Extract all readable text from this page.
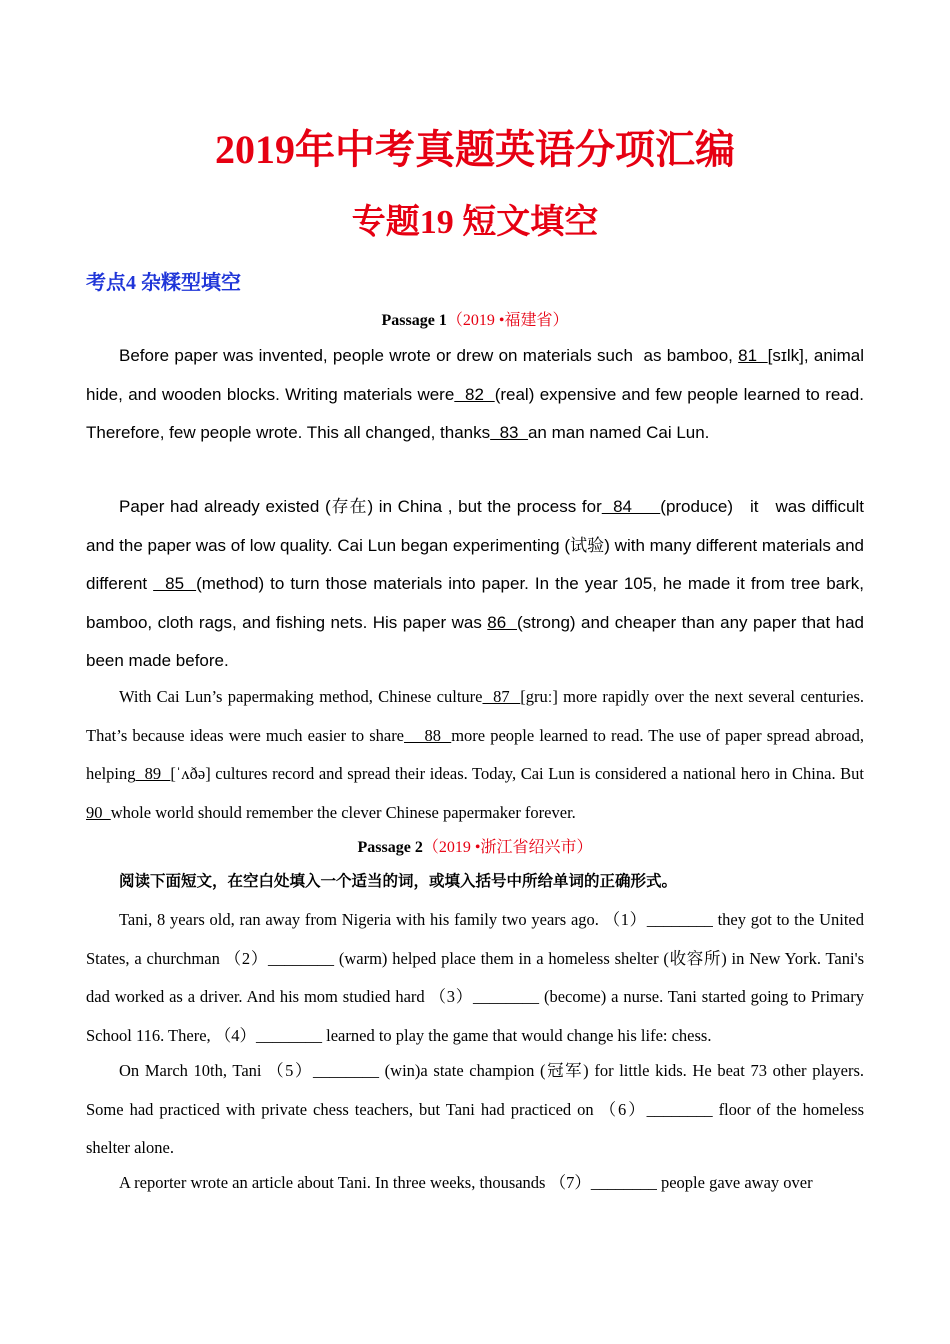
2019年中考真题英语分项汇编
专题19 短文填空
考点4 杂糅型填空
Passage 1（2019 •福建省）

Before paper was invented, people wrote or drew on materials such  as bamboo, 81  [sɪlk], animal hide, and wooden blocks. Writing materials were  82  (real) expensive and few people learned to read. Therefore, few people wrote. This all changed, thanks  83  an man named Cai Lun.

Paper had already existed (存在) in China , but the process for  84     (produce)   it   was difficult and the paper was of low quality. Cai Lun began experimenting (试验) with many different materials and different   85  (method) to turn those materials into paper. In the year 105, he made it from tree bark, bamboo, cloth rags, and fishing nets. His paper was 86  (strong) and cheaper than any paper that had been made before.

With Cai Lun’s papermaking method, Chinese culture  87  [gruː] more rapidly over the next several centuries. That’s because ideas were much easier to share    88  more people learned to read. The use of paper spread abroad, helping  89  [ˈʌðə] cultures record and spread their ideas. Today, Cai Lun is considered a national hero in China. But 90  whole world should remember the clever Chinese papermaker forever.

Passage 2（2019 •浙江省绍兴市）

阅读下面短文，在空白处填入一个适当的词，或填入括号中所给单词的正确形式。

Tani, 8 years old, ran away from Nigeria with his family two years ago. （1）________ they got to the United States, a churchman （2）________ (warm) helped place them in a homeless shelter (收容所) in New York. Tani's dad worked as a driver. And his mom studied hard （3）________ (become) a nurse. Tani started going to Primary School 116. There, （4）________ learned to play the game that would change his life: chess.

On March 10th, Tani （5）________ (win)a state champion (冠军) for little kids. He beat 73 other players. Some had practiced with private chess teachers, but Tani had practiced on （6）________ floor of the homeless shelter alone.

A reporter wrote an article about Tani. In three weeks, thousands （7）________ people gave away over
